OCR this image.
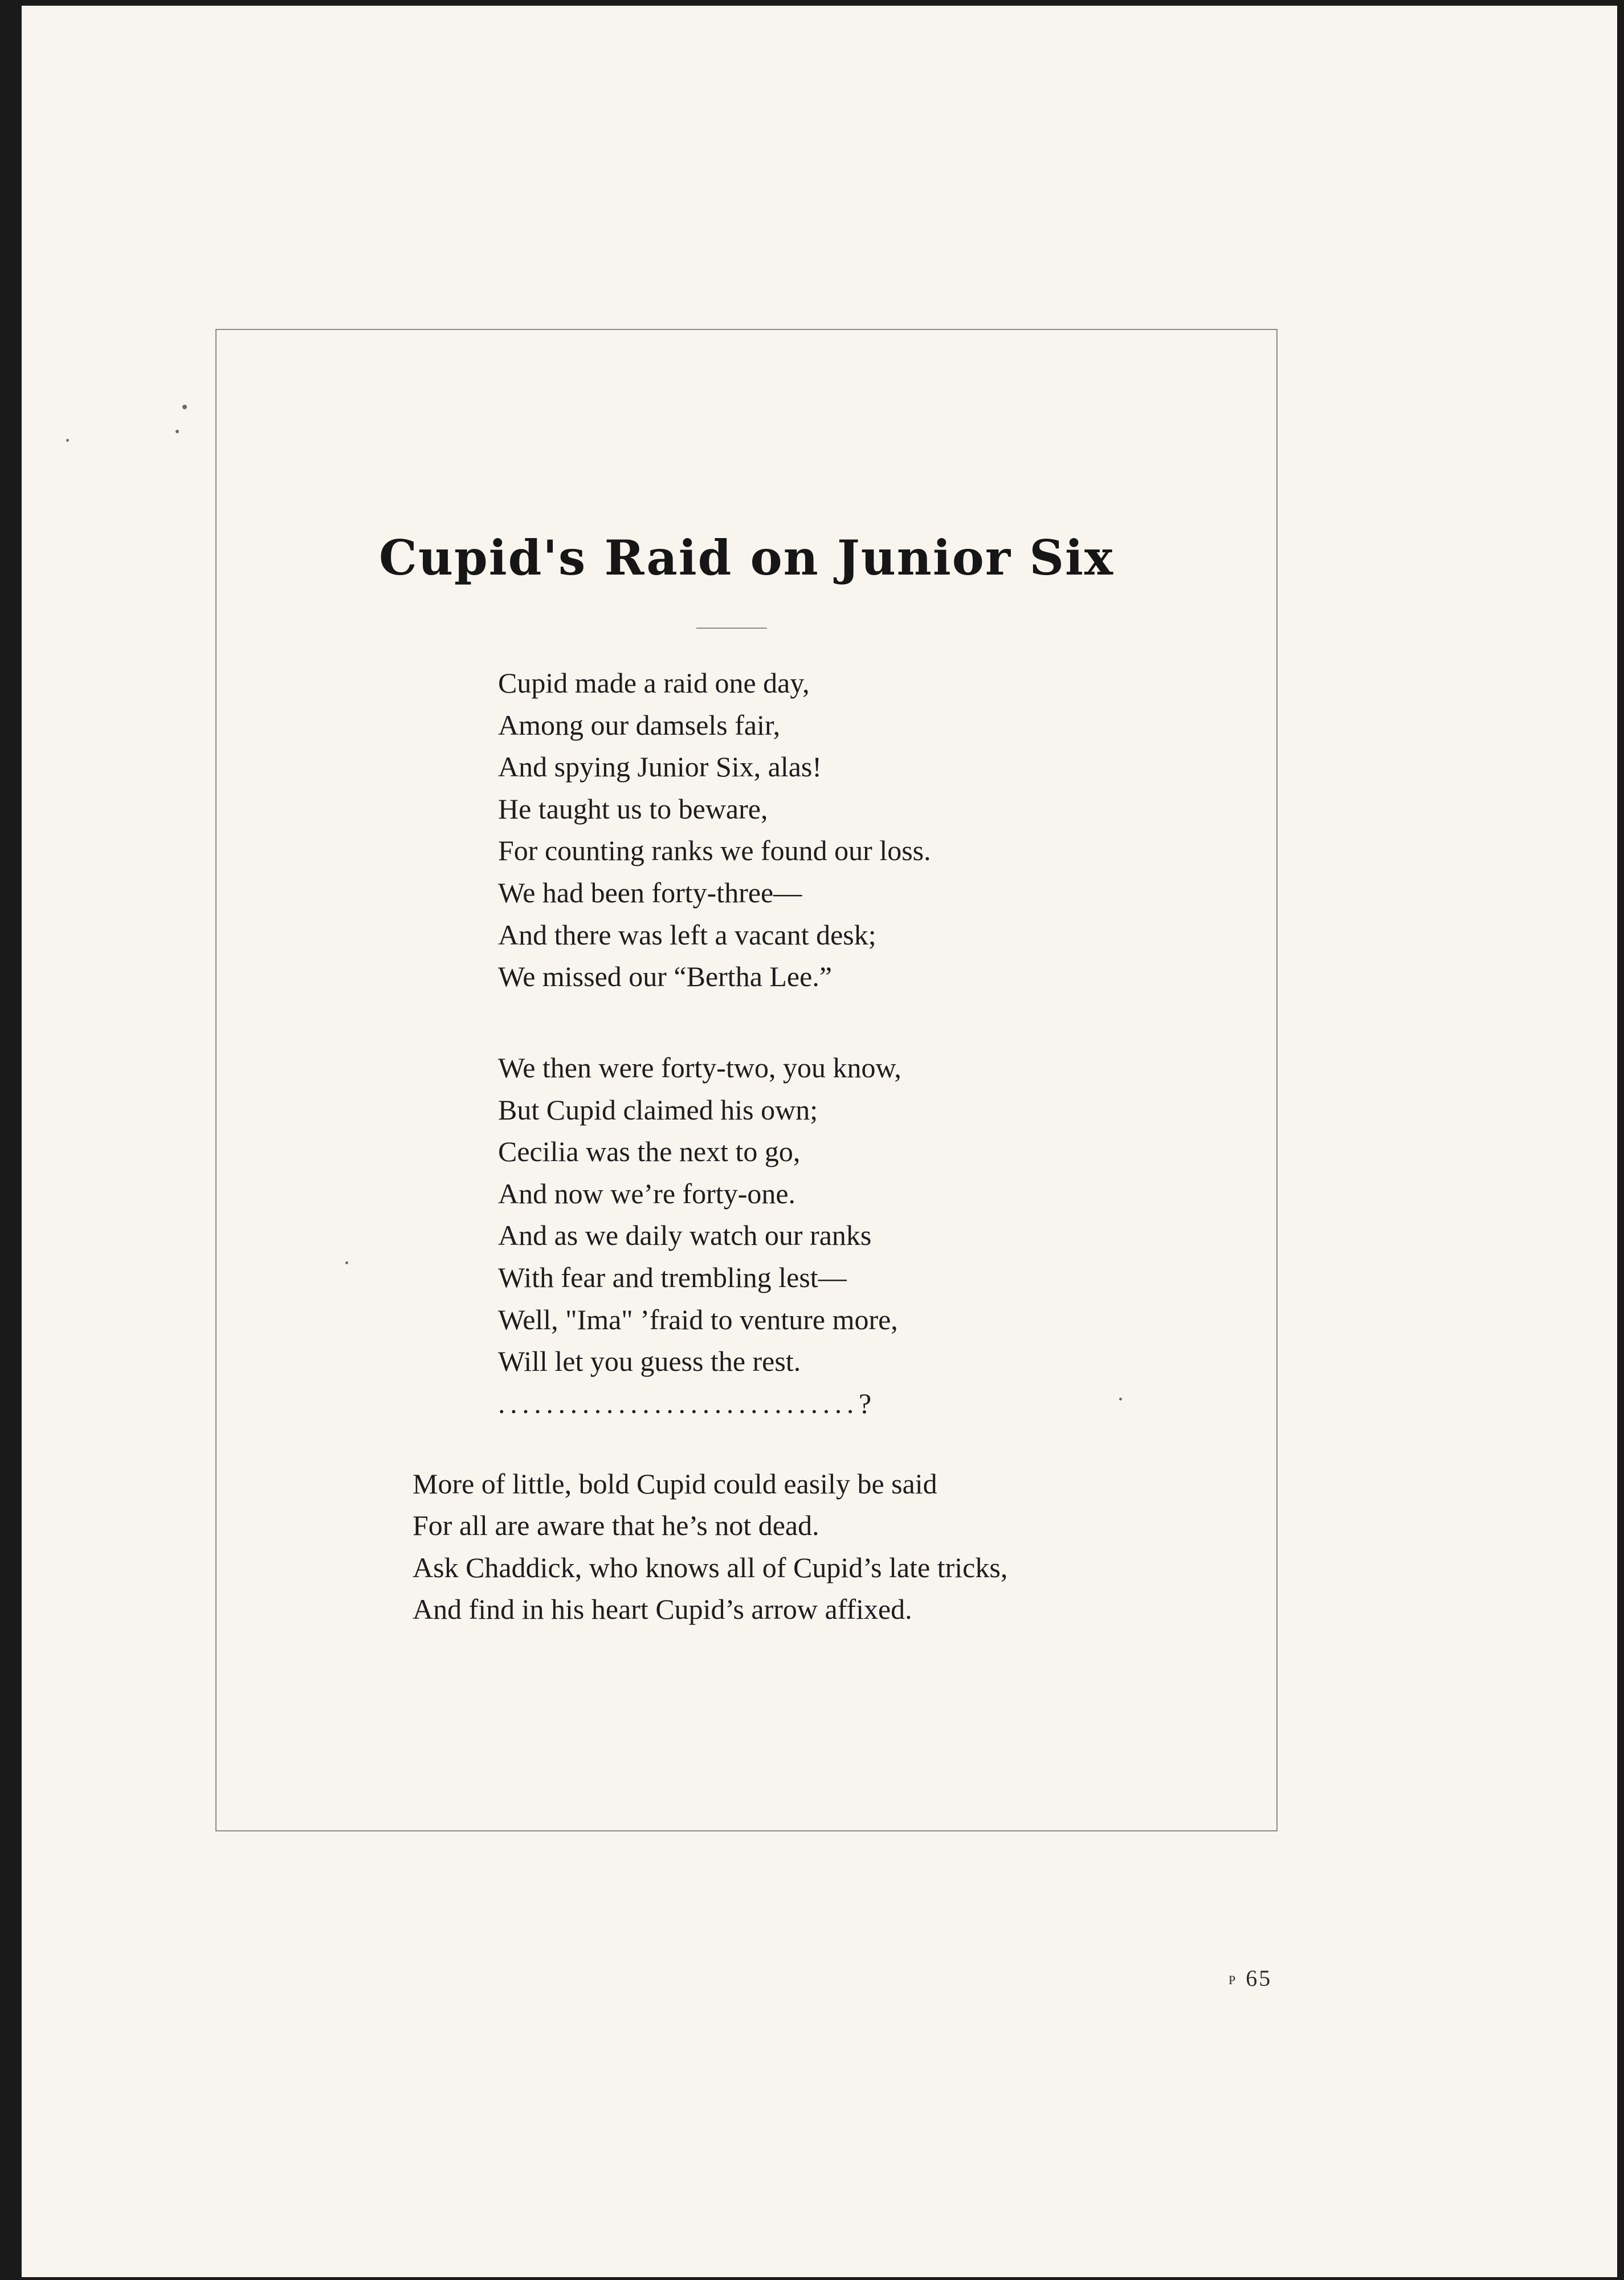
Cupid's Raid on Junior Six
Cupid made a raid one day,
Among our damsels fair,
And spying Junior Six, alas!
He taught us to beware,
For counting ranks we found our loss.
We had been forty-three—
And there was left a vacant desk;
We missed our “Bertha Lee.”
We then were forty-two, you know,
But Cupid claimed his own;
Cecilia was the next to go,
And now we’re forty-one.
And as we daily watch our ranks
With fear and trembling lest—
Well, "Ima" ’fraid to venture more,
Will let you guess the rest.
..............................?
More of little, bold Cupid could easily be said
For all are aware that he’s not dead.
Ask Chaddick, who knows all of Cupid’s late tricks,
And find in his heart Cupid’s arrow affixed.
P 65
